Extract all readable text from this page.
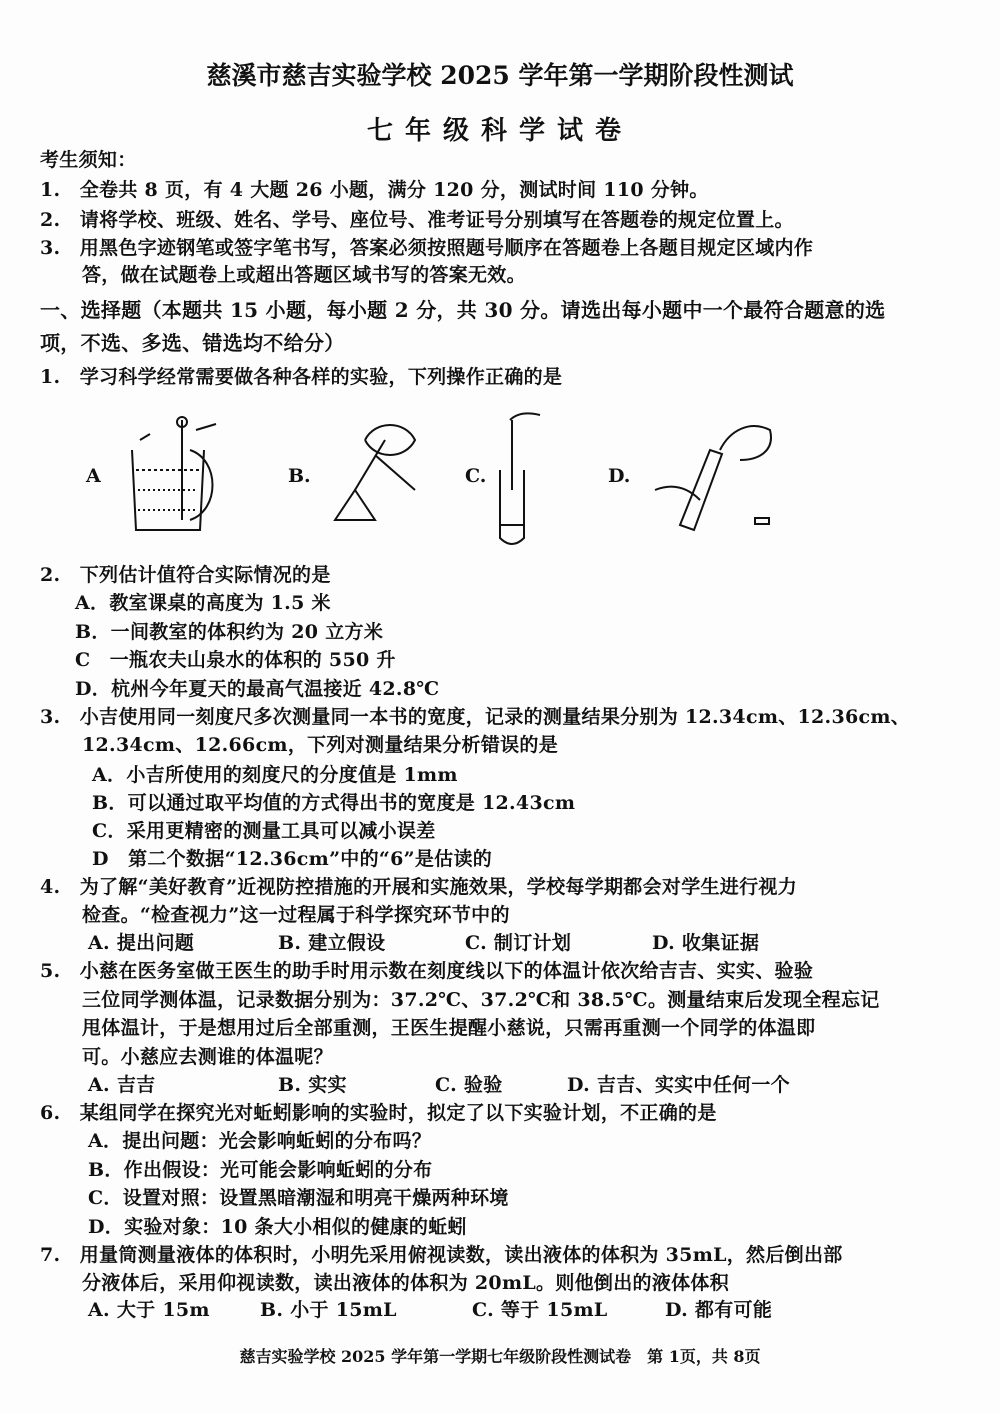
慈溪市慈吉实验学校 2025 学年第一学期阶段性测试
七年级科学试卷
考生须知：
1.　全卷共 8 页，有 4 大题 26 小题，满分 120 分，测试时间 110 分钟。
2.　请将学校、班级、姓名、学号、座位号、准考证号分别填写在答题卷的规定位置上。
3.　用黑色字迹钢笔或签字笔书写，答案必须按照题号顺序在答题卷上各题目规定区域内作
答，做在试题卷上或超出答题区域书写的答案无效。
一、选择题（本题共 15 小题，每小题 2 分，共 30 分。请选出每小题中一个最符合题意的选
项，不选、多选、错选均不给分）
1.　学习科学经常需要做各种各样的实验，下列操作正确的是
A	B.	C.	D.
2.　下列估计值符合实际情况的是
A．教室课桌的高度为 1.5 米
B．一间教室的体积约为 20 立方米
C　一瓶农夫山泉水的体积的 550 升
D．杭州今年夏天的最高气温接近 42.8℃
3.　小吉使用同一刻度尺多次测量同一本书的宽度，记录的测量结果分别为 12.34cm、12.36cm、
12.34cm、12.66cm，下列对测量结果分析错误的是
A．小吉所使用的刻度尺的分度值是 1mm
B．可以通过取平均值的方式得出书的宽度是 12.43cm
C．采用更精密的测量工具可以减小误差
D　第二个数据“12.36cm”中的“6”是估读的
4.　为了解“美好教育”近视防控措施的开展和实施效果，学校每学期都会对学生进行视力
检查。“检查视力”这一过程属于科学探究环节中的
A. 提出问题	B. 建立假设	C. 制订计划	D. 收集证据
5.　小慈在医务室做王医生的助手时用示数在刻度线以下的体温计依次给吉吉、实实、验验
三位同学测体温，记录数据分别为：37.2℃、37.2℃和 38.5℃。测量结束后发现全程忘记
甩体温计，于是想用过后全部重测，王医生提醒小慈说，只需再重测一个同学的体温即
可。小慈应去测谁的体温呢？
A. 吉吉	B. 实实	C. 验验	D. 吉吉、实实中任何一个
6.　某组同学在探究光对蚯蚓影响的实验时，拟定了以下实验计划，不正确的是
A．提出问题：光会影响蚯蚓的分布吗？
B．作出假设：光可能会影响蚯蚓的分布
C．设置对照：设置黑暗潮湿和明亮干燥两种环境
D．实验对象：10 条大小相似的健康的蚯蚓
7.　用量筒测量液体的体积时，小明先采用俯视读数，读出液体的体积为 35mL，然后倒出部
分液体后，采用仰视读数，读出液体的体积为 20mL。则他倒出的液体体积
A. 大于 15m	B. 小于 15mL	C. 等于 15mL	D. 都有可能
慈吉实验学校 2025 学年第一学期七年级阶段性测试卷　第 1页，共 8页
